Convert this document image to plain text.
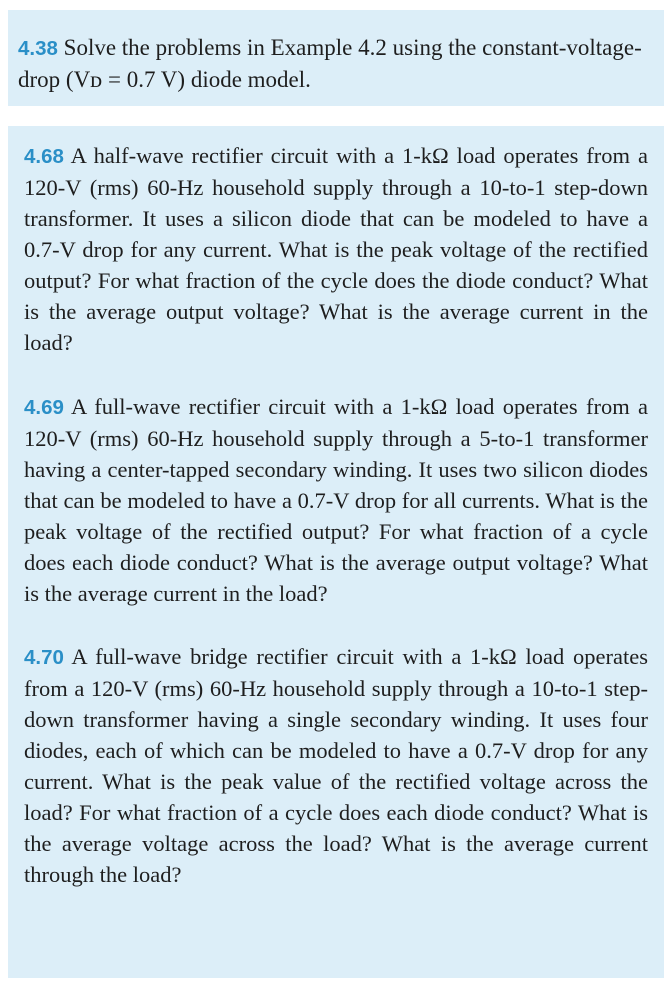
4.38 Solve the problems in Example 4.2 using the constant-voltage-drop (Vᴅ = 0.7 V) diode model.

4.68 A half-wave rectifier circuit with a 1-kΩ load operates from a 120-V (rms) 60-Hz household supply through a 10-to-1 step-down transformer. It uses a silicon diode that can be modeled to have a 0.7-V drop for any current. What is the peak voltage of the rectified output? For what fraction of the cycle does the diode conduct? What is the average output voltage? What is the average current in the load?

4.69 A full-wave rectifier circuit with a 1-kΩ load operates from a 120-V (rms) 60-Hz household supply through a 5-to-1 transformer having a center-tapped secondary winding. It uses two silicon diodes that can be modeled to have a 0.7-V drop for all currents. What is the peak voltage of the rectified output? For what fraction of a cycle does each diode conduct? What is the average output voltage? What is the average current in the load?

4.70 A full-wave bridge rectifier circuit with a 1-kΩ load operates from a 120-V (rms) 60-Hz household supply through a 10-to-1 step-down transformer having a single secondary winding. It uses four diodes, each of which can be modeled to have a 0.7-V drop for any current. What is the peak value of the rectified voltage across the load? For what fraction of a cycle does each diode conduct? What is the average voltage across the load? What is the average current through the load?
